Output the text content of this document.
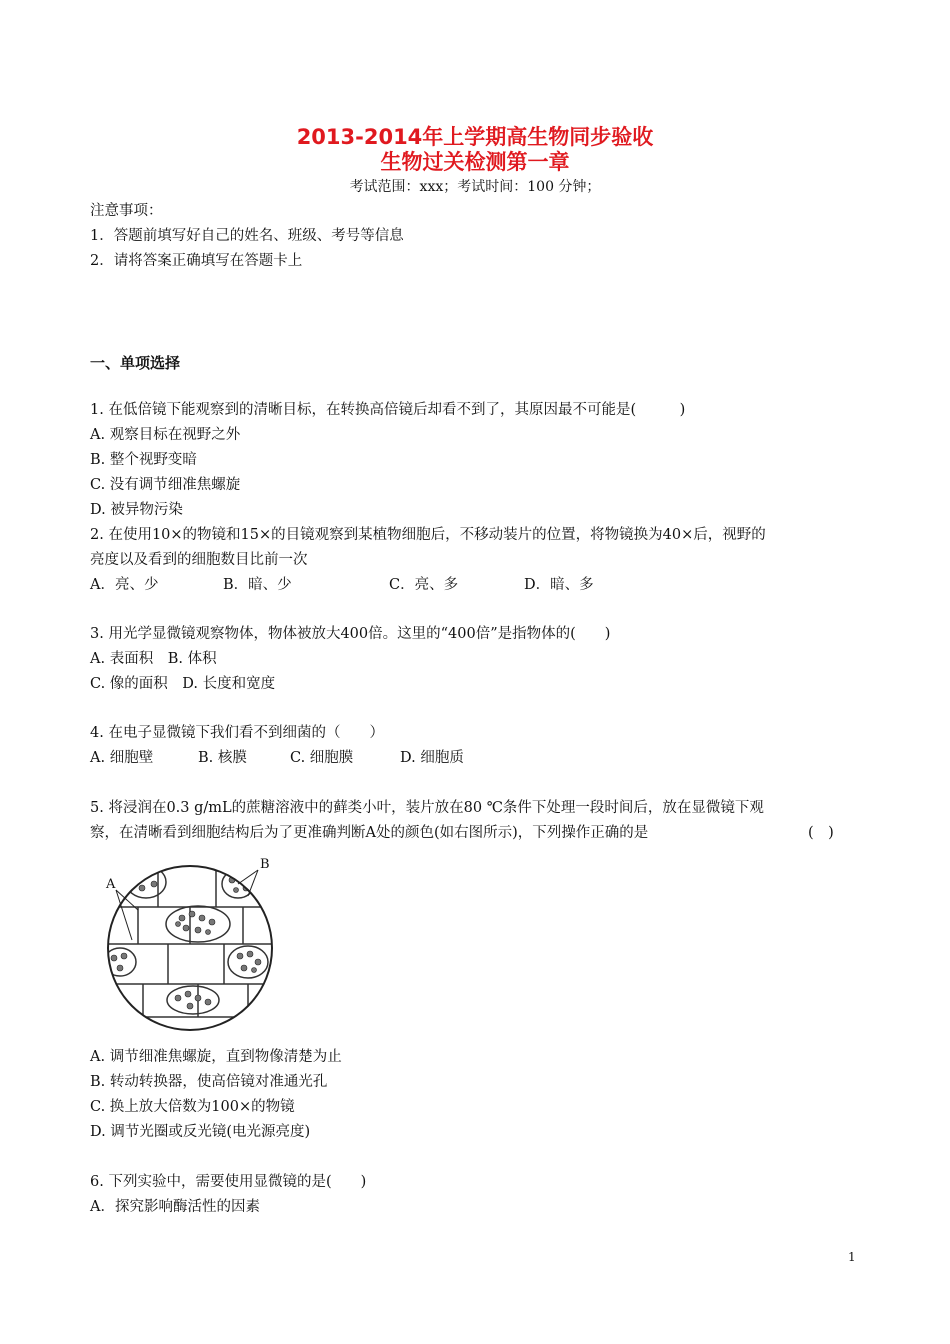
2013-2014年上学期高生物同步验收
生物过关检测第一章
考试范围：xxx；考试时间：100 分钟；
注意事项：
1．答题前填写好自己的姓名、班级、考号等信息
2．请将答案正确填写在答题卡上
一、单项选择
1. 在低倍镜下能观察到的清晰目标，在转换高倍镜后却看不到了，其原因最不可能是(　　　)
A. 观察目标在视野之外
B. 整个视野变暗
C. 没有调节细准焦螺旋
D. 被异物污染
2. 在使用10×的物镜和15×的目镜观察到某植物细胞后，不移动装片的位置，将物镜换为40×后，视野的
亮度以及看到的细胞数目比前一次
A．亮、少	B．暗、少	C．亮、多	D．暗、多
3. 用光学显微镜观察物体，物体被放大400倍。这里的“400倍”是指物体的(　　)
A. 表面积　B. 体积
C. 像的面积　D. 长度和宽度
4. 在电子显微镜下我们看不到细菌的（　　）
A. 细胞壁	B. 核膜	C. 细胞膜	D. 细胞质
5. 将浸润在0.3 g/mL的蔗糖溶液中的藓类小叶，装片放在80 ℃条件下处理一段时间后，放在显微镜下观
察，在清晰看到细胞结构后为了更准确判断A处的颜色(如右图所示)，下列操作正确的是	(　)
A
B
A. 调节细准焦螺旋，直到物像清楚为止
B. 转动转换器，使高倍镜对准通光孔
C. 换上放大倍数为100×的物镜
D. 调节光圈或反光镜(电光源亮度)
6. 下列实验中，需要使用显微镜的是(　　)
A．探究影响酶活性的因素
1
